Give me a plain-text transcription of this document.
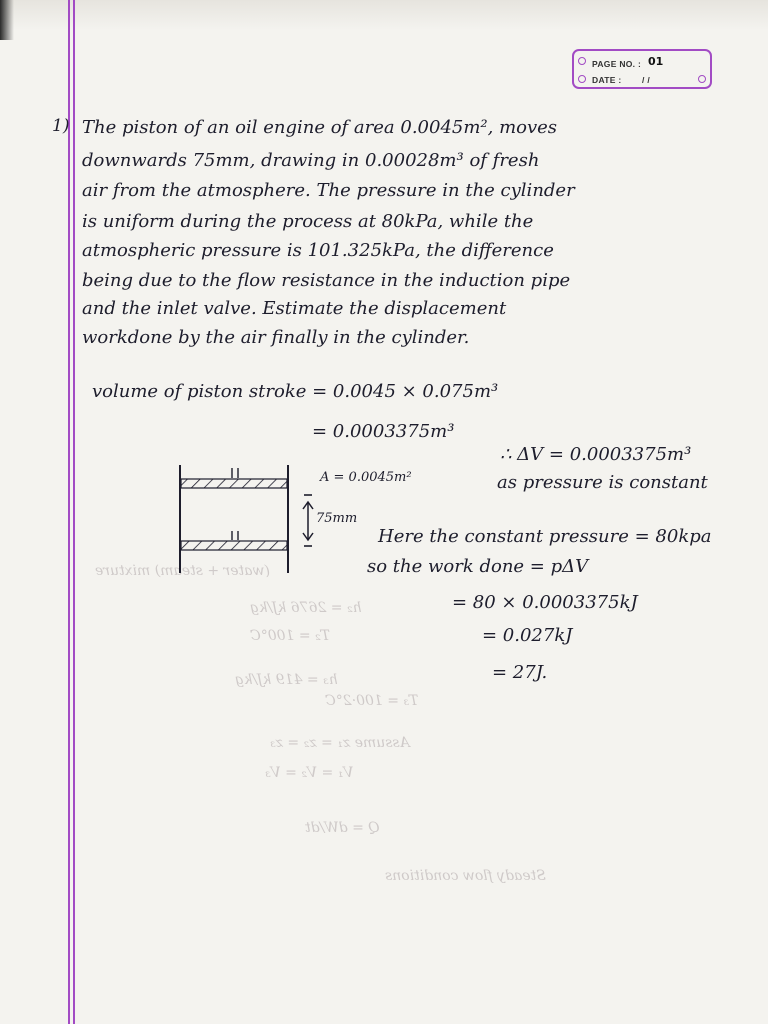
(water + steam) mixture
h₂ = 2676 kJ/kg
T₂ = 100°C
h₃ = 419 kJ/kg
T₃ = 100·2°C
Assume z₁ = z₂ = z₃
V₁ = V₂ = V₃
Q = dW/dt
Steady flow conditions
PAGE NO. : 01
DATE : / /
1) The piston of an oil engine of area 0.0045m², moves
downwards 75mm, drawing in 0.00028m³ of fresh
air from the atmosphere. The pressure in the cylinder
is uniform during the process at 80kPa, while the
atmospheric pressure is 101.325kPa, the difference
being due to the flow resistance in the induction pipe
and the inlet valve. Estimate the displacement
workdone by the air finally in the cylinder.
volume of piston stroke = 0.0045 × 0.075m³
= 0.0003375m³
∴ ΔV = 0.0003375m³
as pressure is constant
A = 0.0045m²
75mm
Here the constant pressure = 80kpa
so the work done = pΔV
= 80 × 0.0003375kJ
= 0.027kJ
= 27J.
